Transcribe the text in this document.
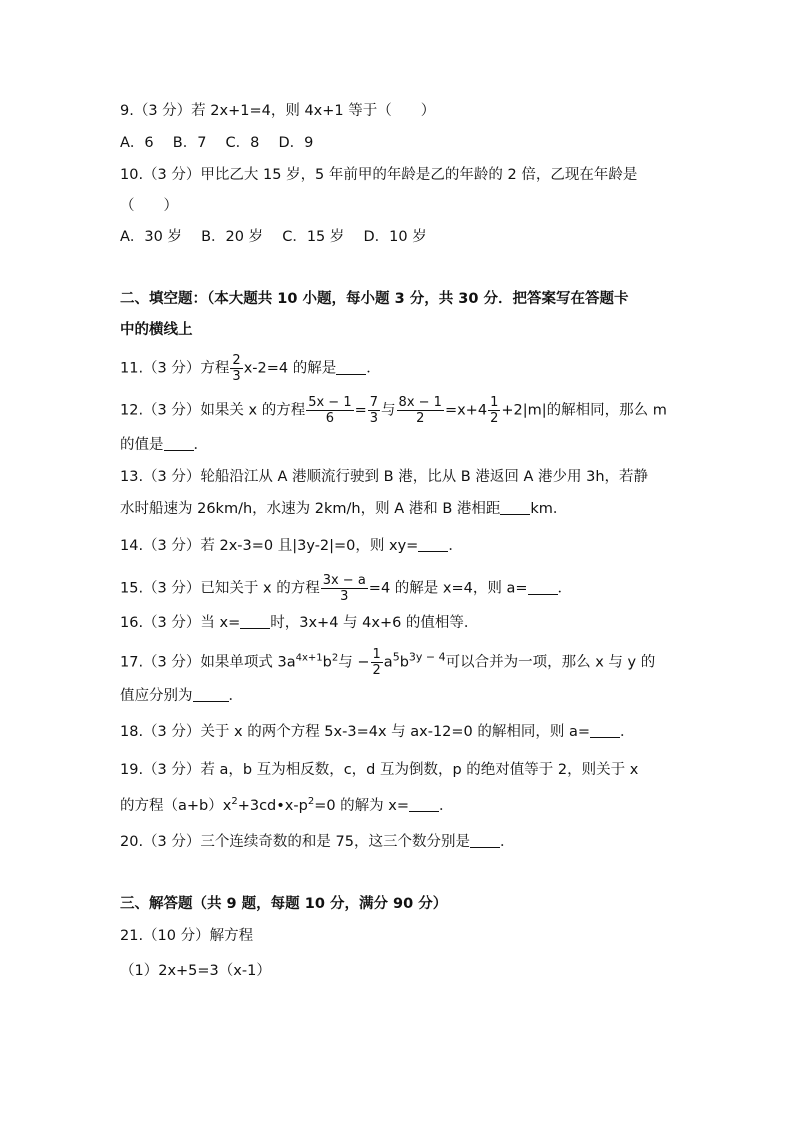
9.（3 分）若 2x+1=4，则 4x+1 等于（　　）
A．6　 B．7　 C．8　 D．9
10.（3 分）甲比乙大 15 岁，5 年前甲的年龄是乙的年龄的 2 倍，乙现在年龄是
（　　）
A．30 岁　 B．20 岁　 C．15 岁　 D．10 岁
二、填空题：（本大题共 10 小题，每小题 3 分，共 30 分．把答案写在答题卡
中的横线上
11.（3 分）方程 $\frac{2}{3} x-2=4$ 的解是 ．
12.（3 分）如果关 x 的方程 $\frac{5x - 1}{6} = \frac{7}{3}$ 与 $\frac{8x - 1}{2} =x+4 \frac{1}{2} +2|m|$的解相同，那么 m
的值是 ．
13.（3 分）轮船沿江从 A 港顺流行驶到 B 港，比从 B 港返回 A 港少用 3h，若静
水时船速为 26km/h，水速为 2km/h，则 A 港和 B 港相距 km．
14.（3 分）若 2x-3=0 且|3y-2|=0，则 xy= ．
15.（3 分）已知关于 x 的方程 $\frac{3x - a}{3} =4$ 的解是 x=4，则 a= ．
16.（3 分）当 x= 时，3x+4 与 4x+6 的值相等．
17.（3 分）如果单项式 $3a^{4x+1}b^2$与 − $\frac{1}{2} a^5b^{3y - 4}$可以合并为一项，那么 x 与 y 的
值应分别为 ．
18.（3 分）关于 x 的两个方程 5x-3=4x 与 ax-12=0 的解相同，则 a= ．
19.（3 分）若 a，b 互为相反数，c，d 互为倒数，p 的绝对值等于 2，则关于 x
的方程$(a+b)x^2+3cd•x-p^2=0$ 的解为 x= ．
20.（3 分）三个连续奇数的和是 75，这三个数分别是 ．
三、解答题（共 9 题，每题 10 分，满分 90 分）
21.（10 分）解方程
（1）2x+5=3（x-1）
